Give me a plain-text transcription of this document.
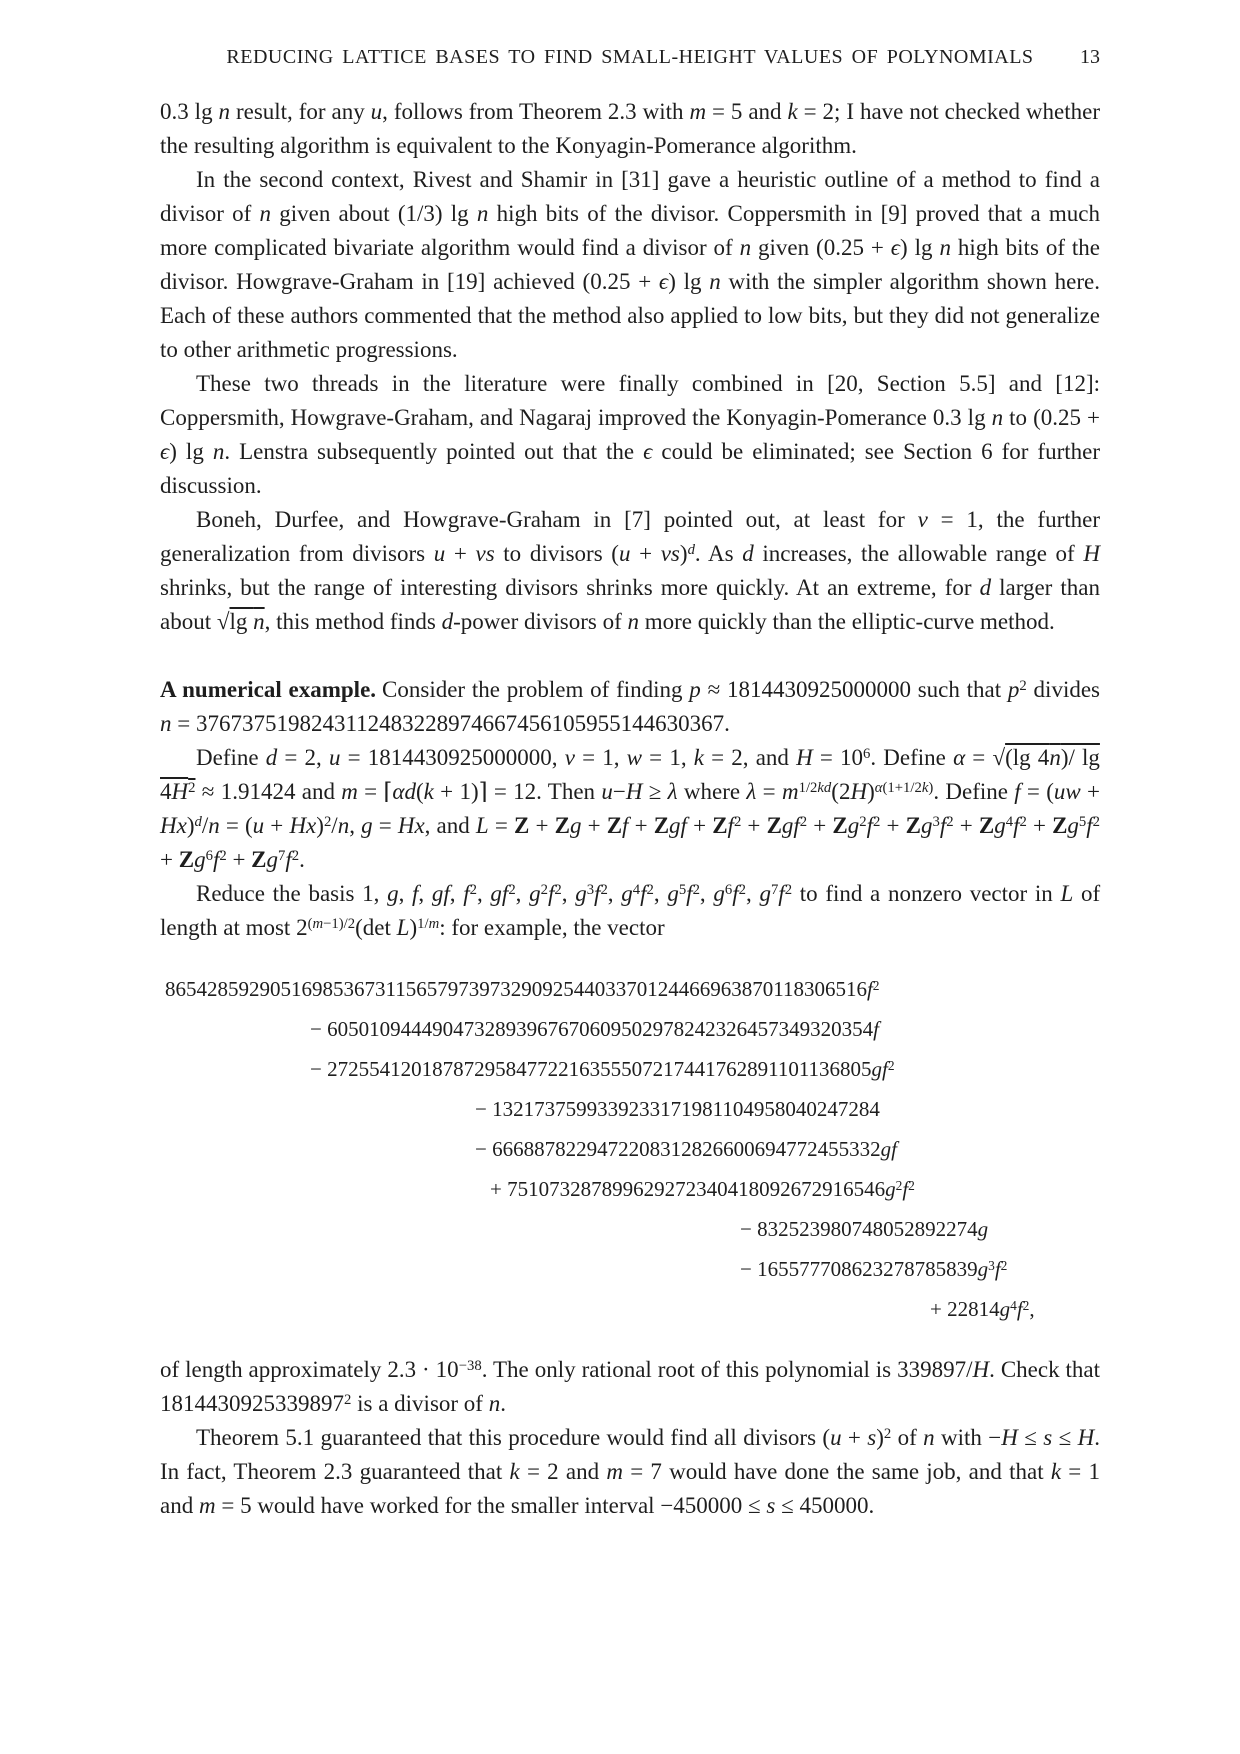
REDUCING LATTICE BASES TO FIND SMALL-HEIGHT VALUES OF POLYNOMIALS 13

0.3 lg n result, for any u, follows from Theorem 2.3 with m = 5 and k = 2; I have not checked whether the resulting algorithm is equivalent to the Konyagin-Pomerance algorithm.

In the second context, Rivest and Shamir in [31] gave a heuristic outline of a method to find a divisor of n given about (1/3) lg n high bits of the divisor. Coppersmith in [9] proved that a much more complicated bivariate algorithm would find a divisor of n given (0.25 + ϵ) lg n high bits of the divisor. Howgrave-Graham in [19] achieved (0.25 + ϵ) lg n with the simpler algorithm shown here. Each of these authors commented that the method also applied to low bits, but they did not generalize to other arithmetic progressions.

These two threads in the literature were finally combined in [20, Section 5.5] and [12]: Coppersmith, Howgrave-Graham, and Nagaraj improved the Konyagin-Pomerance 0.3 lg n to (0.25 + ϵ) lg n. Lenstra subsequently pointed out that the ϵ could be eliminated; see Section 6 for further discussion.

Boneh, Durfee, and Howgrave-Graham in [7] pointed out, at least for v = 1, the further generalization from divisors u + vs to divisors (u + vs)$^d$. As d increases, the allowable range of H shrinks, but the range of interesting divisors shrinks more quickly. At an extreme, for d larger than about √lg n, this method finds d-power divisors of n more quickly than the elliptic-curve method.

A numerical example. Consider the problem of finding p ≈ 1814430925000000 such that $p^2$ divides n = 3767375198243112483228974667456105955144630367.

Define d = 2, u = 1814430925000000, v = 1, w = 1, k = 2, and $H = 10^6$. Define α = √(lg 4n)/ $\lg 4H^2 \approx 1.91424$ and m = ⌈αd(k + 1)⌉ = 12. Then u−H ≥ λ where $\lambda = m^{1/2kd}(2H)^{\alpha(1+1/2k)}$. Define $f = (uw + Hx)^d/n = (u + Hx)^2/n$, g = Hx, and L = Z + Zg + Zf + Zgf + $Zf^2 + Zgf^2 + Zg^2f^2 + Zg^3f^2 + Zg^4f^2 + Zg^5f^2 + Zg^6f^2 + Zg^7f^2$.

Reduce the basis 1, g, f, gf, $f^2$, $gf^2$, $g^2f^2$, $g^3f^2$, $g^4f^2$, $g^5f^2$, $g^6f^2$, $g^7f^2$ to find a nonzero vector in L of length at most $2^{(m-1)/2}(\det$ L)$^{1/m}$: for example, the vector

$8654285929051698536731156579739732909254403370124466963870118306516f^2$
− 6050109444904732893967670609502978242326457349320354f
− $2725541201878729584772216355507217441762891101136805gf^2$
− 1321737599339233171981104958040247284
− 6668878229472208312826600694772455332gf
+ $751073287899629272340418092672916546g^2f^2$
− 832523980748052892274g
− $165577708623278785839g^3f^2$
+ $22814g^4f^2$,

of length approximately $2.3 \cdot 10^{-38}$. The only rational root of this polynomial is 339897/H. Check that 1814430925339897$^2$ is a divisor of n.

Theorem 5.1 guaranteed that this procedure would find all divisors $(u + s)^2$ of n with −H ≤ s ≤ H. In fact, Theorem 2.3 guaranteed that k = 2 and m = 7 would have done the same job, and that k = 1 and m = 5 would have worked for the smaller interval −450000 ≤ s ≤ 450000.
